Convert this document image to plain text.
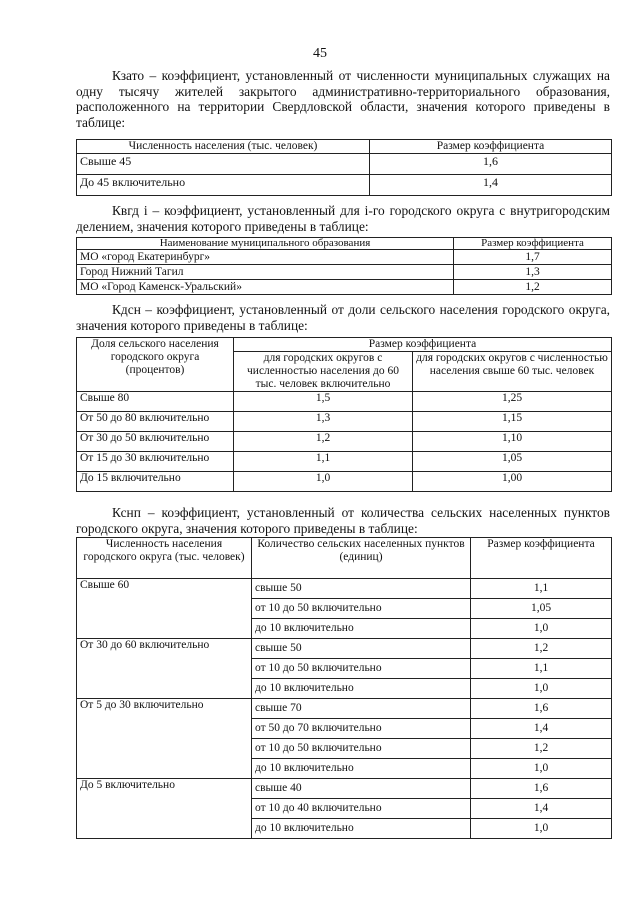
45

Кзато – коэффициент, установленный от численности муниципальных служащих на одну тысячу жителей закрытого административно-территориального образования, расположенного на территории Свердловской области, значения которого приведены в таблице:

Численность населения (тыс. человек)	Размер коэффициента
Свыше 45	1,6
До 45 включительно	1,4

Квгд i – коэффициент, установленный для i-го городского округа с внутригородским делением, значения которого приведены в таблице:

Наименование муниципального образования	Размер коэффициента
МО «город Екатеринбург»	1,7
Город Нижний Тагил	1,3
МО «Город Каменск-Уральский»	1,2

Кдсн – коэффициент, установленный от доли сельского населения городского округа, значения которого приведены в таблице:

Доля сельского населения городского округа (процентов)	Размер коэффициента	
	для городских округов с численностью населения до 60 тыс. человек включительно	для городских округов с численностью населения свыше 60 тыс. человек
Свыше 80	1,5	1,25
От 50 до 80 включительно	1,3	1,15
От 30 до 50 включительно	1,2	1,10
От 15 до 30 включительно	1,1	1,05
До 15 включительно	1,0	1,00

Кснп – коэффициент, установленный от количества сельских населенных пунктов городского округа, значения которого приведены в таблице:

Численность населения городского округа (тыс. человек)	Количество сельских населенных пунктов (единиц)	Размер коэффициента
Свыше 60	свыше 50	1,1
	от 10 до 50 включительно	1,05
	до 10 включительно	1,0
От 30 до 60 включительно	свыше 50	1,2
	от 10 до 50 включительно	1,1
	до 10 включительно	1,0
От 5 до 30 включительно	свыше 70	1,6
	от 50 до 70 включительно	1,4
	от 10 до 50 включительно	1,2
	до 10 включительно	1,0
До 5 включительно	свыше 40	1,6
	от 10 до 40 включительно	1,4
	до 10 включительно	1,0
